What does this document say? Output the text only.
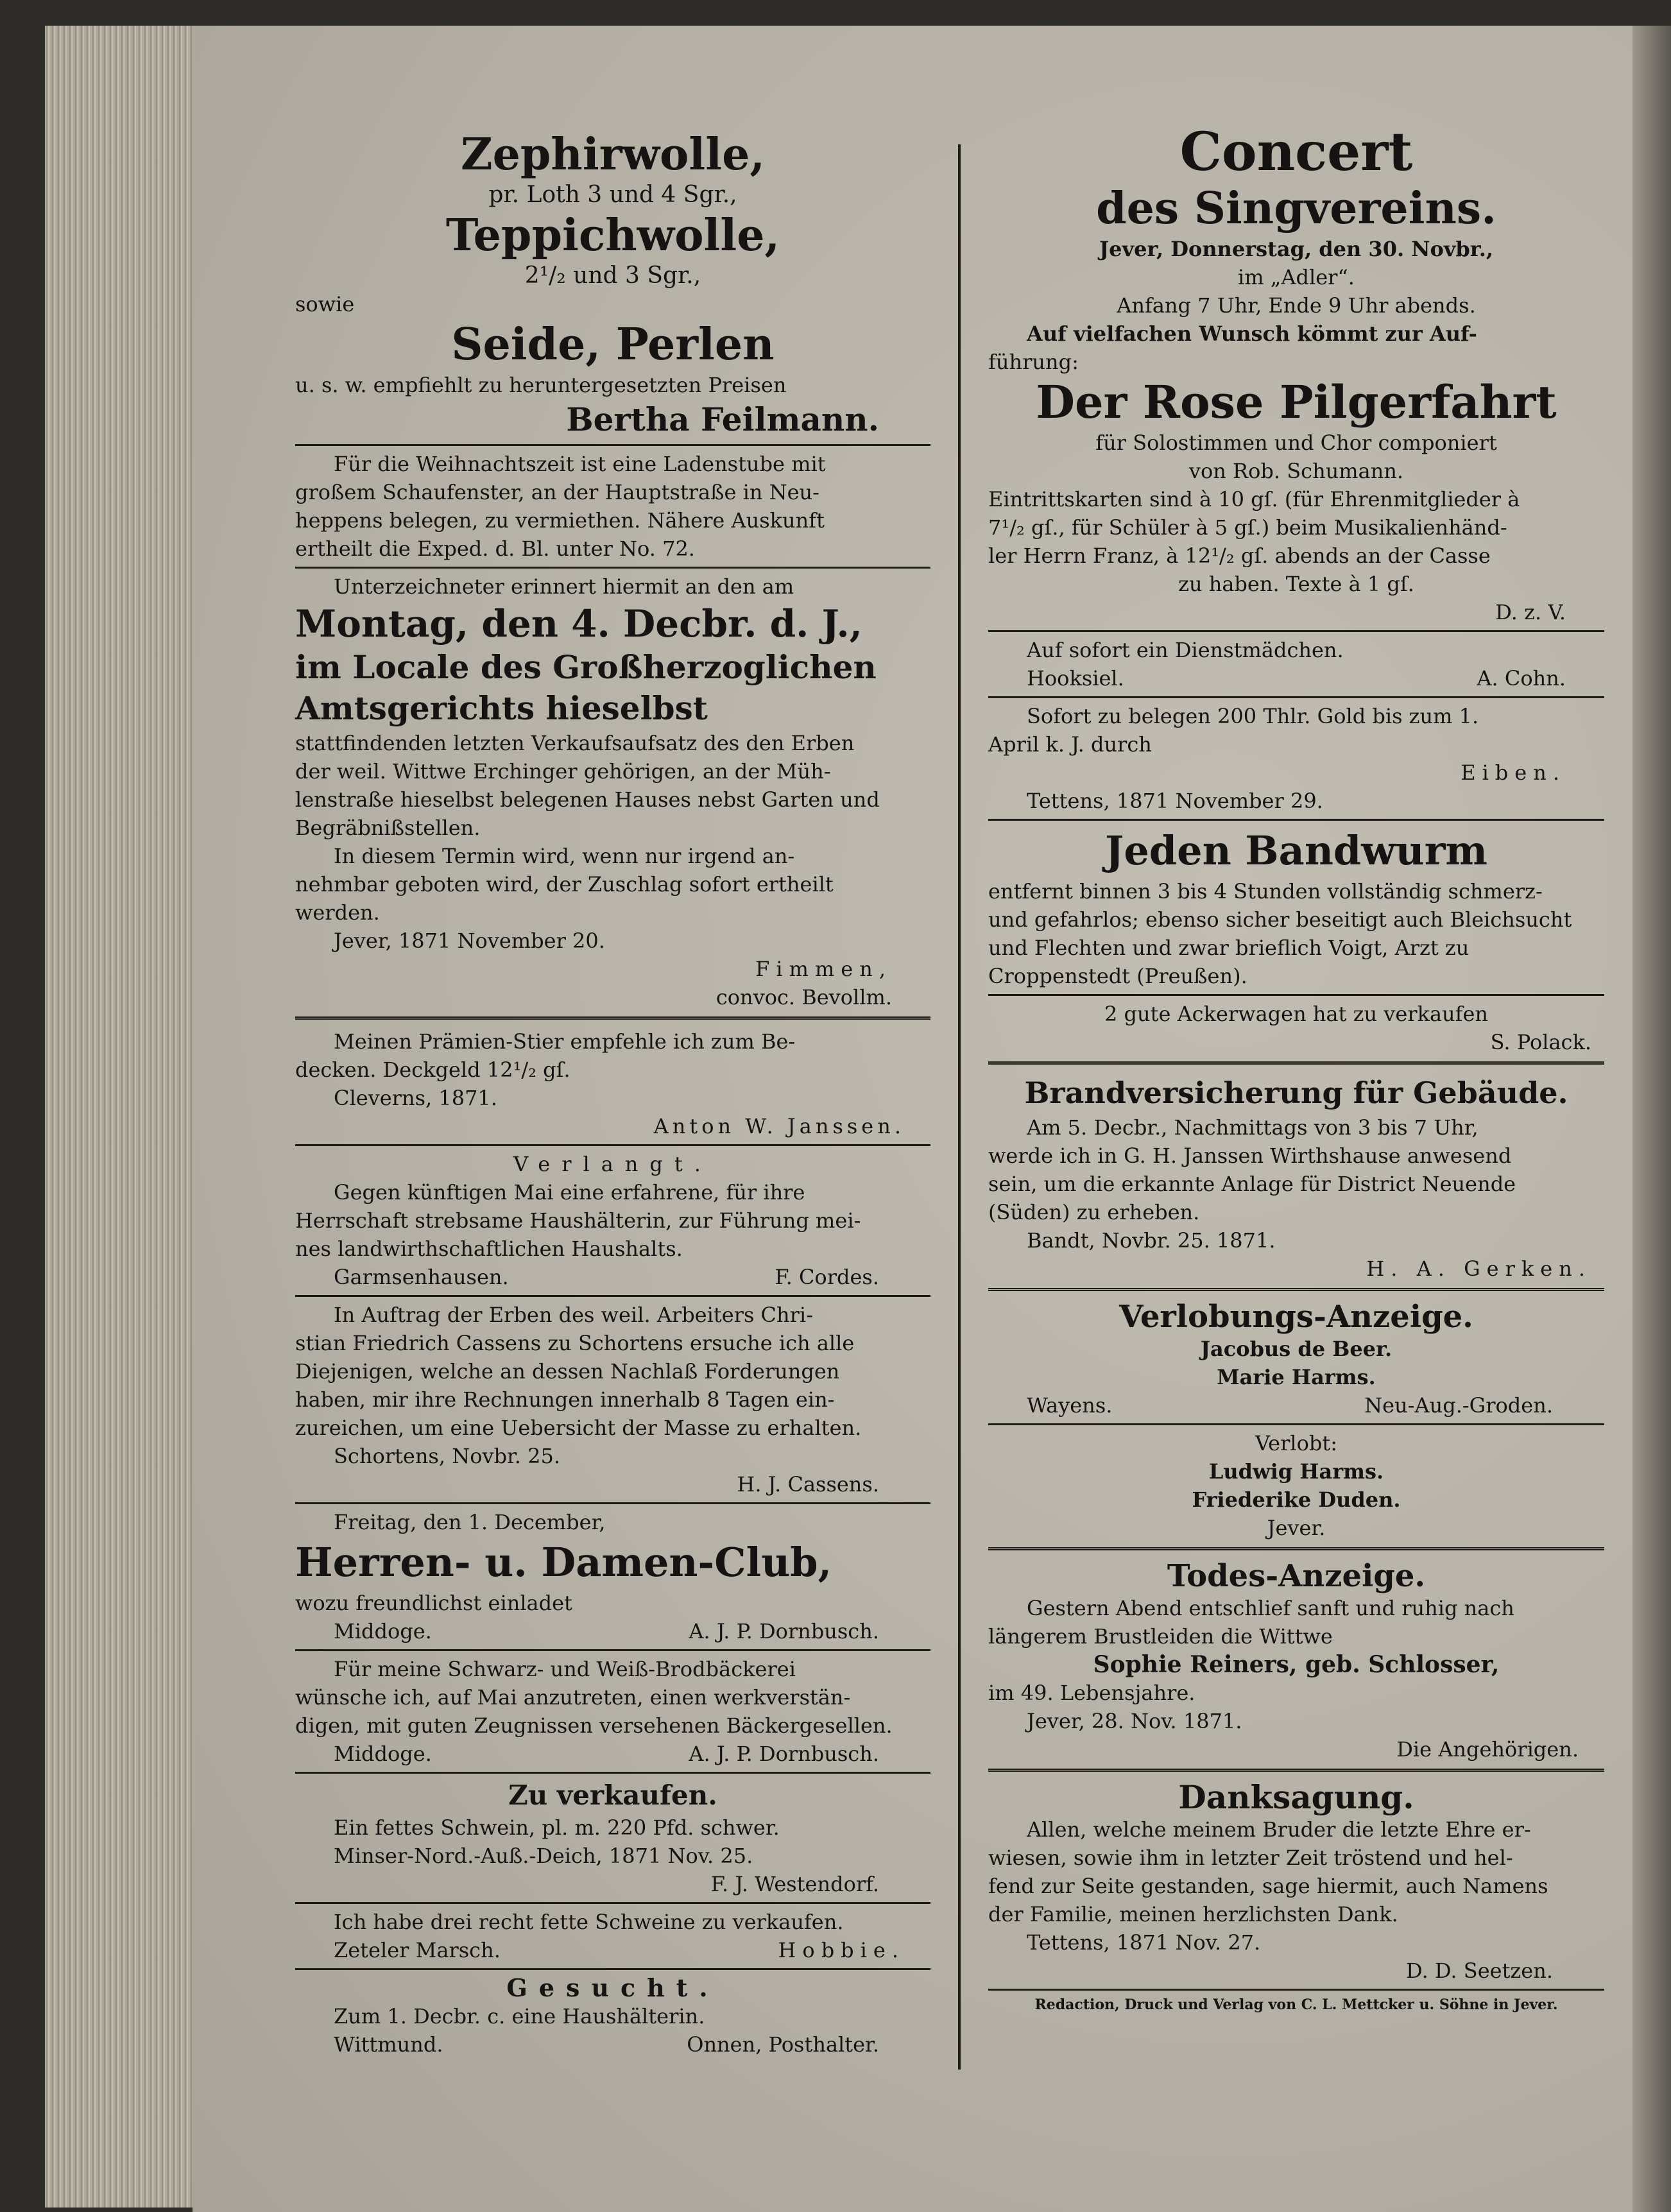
Zephirwolle,
pr. Loth 3 und 4 Sgr.,
Teppichwolle,
2¹/₂ und 3 Sgr.,
sowie
Seide, Perlen
u. s. w. empfiehlt zu heruntergesetzten Preisen
Bertha Feilmann.
Für die Weihnachtszeit ist eine Ladenstube mit
großem Schaufenster, an der Hauptstraße in Neu-
heppens belegen, zu vermiethen. Nähere Auskunft
ertheilt die Exped. d. Bl. unter No. 72.
Unterzeichneter erinnert hiermit an den am
Montag, den 4. Decbr. d. J.,
im Locale des Großherzoglichen
Amtsgerichts hieselbst
stattfindenden letzten Verkaufsaufsatz des den Erben
der weil. Wittwe Erchinger gehörigen, an der Müh-
lenstraße hieselbst belegenen Hauses nebst Garten und
Begräbnißstellen.
In diesem Termin wird, wenn nur irgend an-
nehmbar geboten wird, der Zuschlag sofort ertheilt
werden.
Jever, 1871 November 20.
Fimmen,
convoc. Bevollm.
Meinen Prämien-Stier empfehle ich zum Be-
decken. Deckgeld 12¹/₂ gſ.
Cleverns, 1871.
Anton W. Janssen.
Verlangt.
Gegen künftigen Mai eine erfahrene, für ihre
Herrschaft strebsame Haushälterin, zur Führung mei-
nes landwirthschaftlichen Haushalts.
Garmsenhausen.	F. Cordes.
In Auftrag der Erben des weil. Arbeiters Chri-
stian Friedrich Cassens zu Schortens ersuche ich alle
Diejenigen, welche an dessen Nachlaß Forderungen
haben, mir ihre Rechnungen innerhalb 8 Tagen ein-
zureichen, um eine Uebersicht der Masse zu erhalten.
Schortens, Novbr. 25.
H. J. Cassens.
Freitag, den 1. December,
Herren- u. Damen-Club,
wozu freundlichst einladet
Middoge.	A. J. P. Dornbusch.
Für meine Schwarz- und Weiß-Brodbäckerei
wünsche ich, auf Mai anzutreten, einen werkverstän-
digen, mit guten Zeugnissen versehenen Bäckergesellen.
Middoge.	A. J. P. Dornbusch.
Zu verkaufen.
Ein fettes Schwein, pl. m. 220 Pfd. schwer.
Minser-Nord.-Auß.-Deich, 1871 Nov. 25.
F. J. Westendorf.
Ich habe drei recht fette Schweine zu verkaufen.
Zeteler Marsch.	Hobbie.
Gesucht.
Zum 1. Decbr. c. eine Haushälterin.
Wittmund.	Onnen, Posthalter.
Concert
des Singvereins.
Jever, Donnerstag, den 30. Novbr.,
im „Adler“.
Anfang 7 Uhr, Ende 9 Uhr abends.
Auf vielfachen Wunsch kömmt zur Auf-
führung:
Der Rose Pilgerfahrt
für Solostimmen und Chor componiert
von Rob. Schumann.
Eintrittskarten sind à 10 gſ. (für Ehrenmitglieder à
7¹/₂ gſ., für Schüler à 5 gſ.) beim Musikalienhänd-
ler Herrn Franz, à 12¹/₂ gſ. abends an der Casse
zu haben. Texte à 1 gſ.
D. z. V.
Auf sofort ein Dienstmädchen.
Hooksiel.	A. Cohn.
Sofort zu belegen 200 Thlr. Gold bis zum 1.
April k. J. durch
Eiben.
Tettens, 1871 November 29.
Jeden Bandwurm
entfernt binnen 3 bis 4 Stunden vollständig schmerz-
und gefahrlos; ebenso sicher beseitigt auch Bleichsucht
und Flechten und zwar brieflich Voigt, Arzt zu
Croppenstedt (Preußen).
2 gute Ackerwagen hat zu verkaufen
S. Polack.
Brandversicherung für Gebäude.
Am 5. Decbr., Nachmittags von 3 bis 7 Uhr,
werde ich in G. H. Janssen Wirthshause anwesend
sein, um die erkannte Anlage für District Neuende
(Süden) zu erheben.
Bandt, Novbr. 25. 1871.
H. A. Gerken.
Verlobungs-Anzeige.
Jacobus de Beer.
Marie Harms.
Wayens.	Neu-Aug.-Groden.
Verlobt:
Ludwig Harms.
Friederike Duden.
Jever.
Todes-Anzeige.
Gestern Abend entschlief sanft und ruhig nach
längerem Brustleiden die Wittwe
Sophie Reiners, geb. Schlosser,
im 49. Lebensjahre.
Jever, 28. Nov. 1871.
Die Angehörigen.
Danksagung.
Allen, welche meinem Bruder die letzte Ehre er-
wiesen, sowie ihm in letzter Zeit tröstend und hel-
fend zur Seite gestanden, sage hiermit, auch Namens
der Familie, meinen herzlichsten Dank.
Tettens, 1871 Nov. 27.
D. D. Seetzen.
Redaction, Druck und Verlag von C. L. Mettcker u. Söhne in Jever.
